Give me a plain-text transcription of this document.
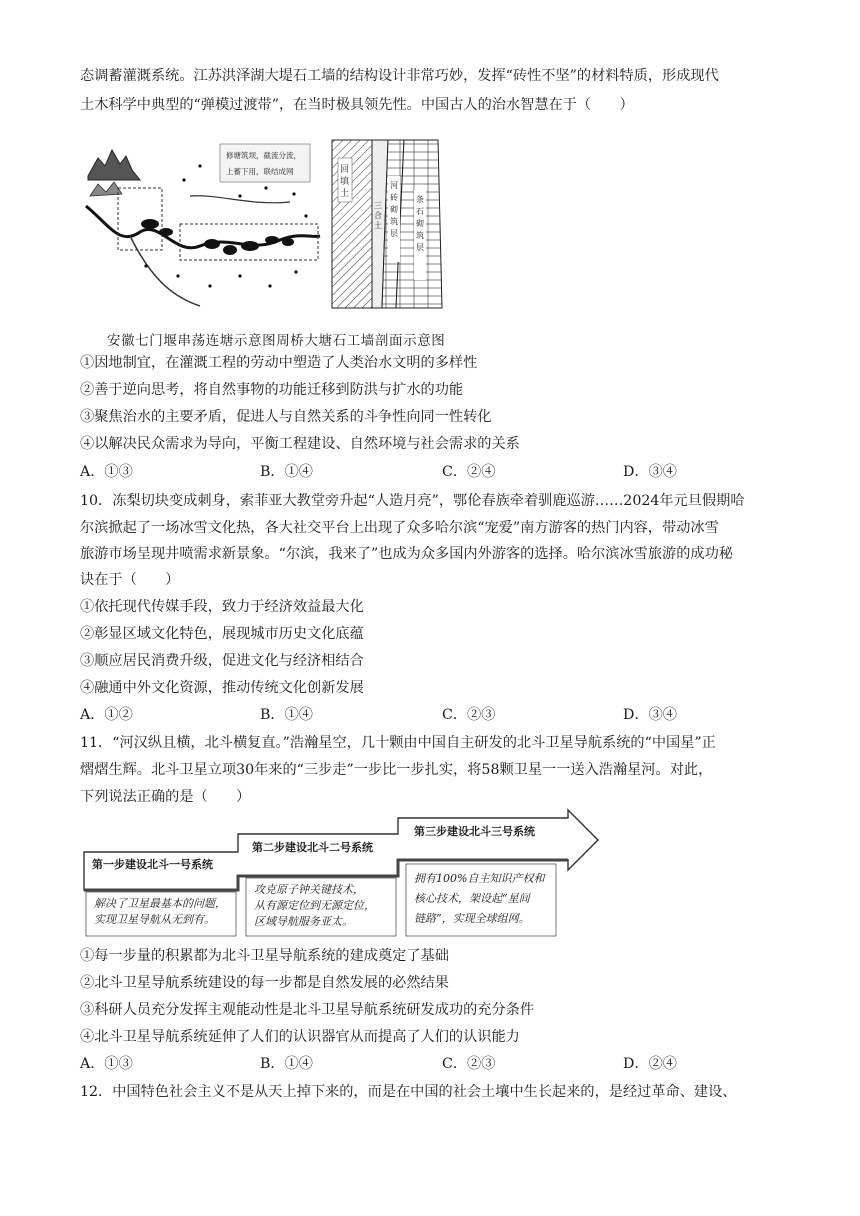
态调蓄灌溉系统。江苏洪泽湖大堤石工墙的结构设计非常巧妙，发挥“砖性不坚”的材料特质，形成现代
土木科学中典型的“弹模过渡带”，在当时极具领先性。中国古人的治水智慧在于（　　）
修塘筑坝，截流分流，
上蓄下用，联结成网	回
填
土
三
合
土
河
砖
砌
筑
层
条
石
砌
筑
层
安徽七门堰串荡连塘示意图周桥大塘石工墙剖面示意图
①因地制宜，在灌溉工程的劳动中塑造了人类治水文明的多样性
②善于逆向思考，将自然事物的功能迁移到防洪与扩水的功能
③聚焦治水的主要矛盾，促进人与自然关系的斗争性向同一性转化
④以解决民众需求为导向，平衡工程建设、自然环境与社会需求的关系
A．①③	B．①④	C．②④	D．③④
10．冻梨切块变成刺身，索菲亚大教堂旁升起“人造月亮”，鄂伦春族牵着驯鹿巡游……2024年元旦假期哈
尔滨掀起了一场冰雪文化热，各大社交平台上出现了众多哈尔滨“宠爱”南方游客的热门内容，带动冰雪
旅游市场呈现井喷需求新景象。“尔滨，我来了”也成为众多国内外游客的选择。哈尔滨冰雪旅游的成功秘
诀在于（　　）
①依托现代传媒手段，致力于经济效益最大化
②彰显区域文化特色，展现城市历史文化底蕴
③顺应居民消费升级，促进文化与经济相结合
④融通中外文化资源，推动传统文化创新发展
A．①②	B．①④	C．②③	D．③④
11．“河汉纵且横，北斗横复直。”浩瀚星空，几十颗由中国自主研发的北斗卫星导航系统的“中国星”正
熠熠生辉。北斗卫星立项30年来的“三步走”一步比一步扎实，将58颗卫星一一送入浩瀚星河。对此，
下列说法正确的是（　　）
第一步建设北斗一号系统
第二步建设北斗二号系统
第三步建设北斗三号系统
解决了卫星最基本的问题，
实现卫星导航从无到有。
攻克原子钟关键技术，
从有源定位到无源定位，
区域导航服务亚太。
拥有100%自主知识产权和
核心技术，架设起“星间
链路”，实现全球组网。
①每一步量的积累都为北斗卫星导航系统的建成奠定了基础
②北斗卫星导航系统建设的每一步都是自然发展的必然结果
③科研人员充分发挥主观能动性是北斗卫星导航系统研发成功的充分条件
④北斗卫星导航系统延伸了人们的认识器官从而提高了人们的认识能力
A．①③	B．①④	C．②③	D．②④
12．中国特色社会主义不是从天上掉下来的，而是在中国的社会土壤中生长起来的，是经过革命、建设、
